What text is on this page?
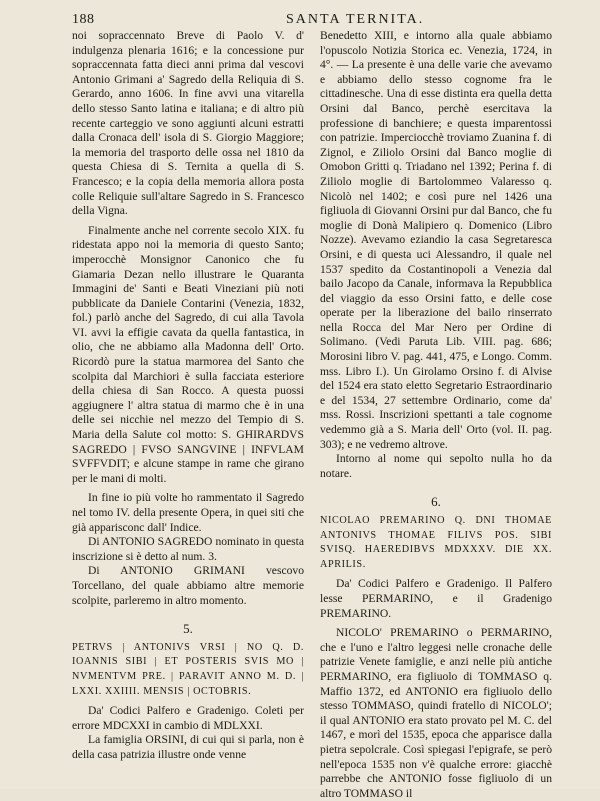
188	SANTA TERNITA.

noi sopraccennato Breve di Paolo V. d' indulgenza plenaria 1616; e la concessione pur sopraccennata fatta dieci anni prima dal vescovi Antonio Grimani a' Sagredo della Reliquia di S. Gerardo, anno 1606. In fine avvi una vitarella dello stesso Santo latina e italiana; e di altro più recente carteggio ve sono aggiunti alcuni estratti dalla Cronaca dell' isola di S. Giorgio Maggiore; la memoria del trasporto delle ossa nel 1810 da questa Chiesa di S. Ternita a quella di S. Francesco; e la copia della memoria allora posta colle Reliquie sull'altare Sagredo in S. Francesco della Vigna.

Finalmente anche nel corrente secolo XIX. fu ridestata appo noi la memoria di questo Santo; imperocchè Monsignor Canonico che fu Giamaria Dezan nello illustrare le Quaranta Immagini de' Santi e Beati Vineziani più noti pubblicate da Daniele Contarini (Venezia, 1832, fol.) parlò anche del Sagredo, di cui alla Tavola VI. avvi la effigie cavata da quella fantastica, in olio, che ne abbiamo alla Madonna dell' Orto. Ricordò pure la statua marmorea del Santo che scolpita dal Marchiori è sulla facciata esteriore della chiesa di San Rocco. A questa puossi aggiugnere l' altra statua di marmo che è in una delle sei nicchie nel mezzo del Tempio di S. Maria della Salute col motto: S. GHIRARDVS SAGREDO | FVSO SANGVINE | INFVLAM SVFFVDIT; e alcune stampe in rame che girano per le mani di molti.

In fine io più volte ho rammentato il Sagredo nel tomo IV. della presente Opera, in quei siti che già apparisconc dall' Indice.

Di ANTONIO SAGREDO nominato in questa inscrizione si è detto al num. 3.

Di ANTONIO GRIMANI vescovo Torcellano, del quale abbiamo altre memorie scolpite, parleremo in altro momento.

5.

PETRVS | ANTONIVS VRSI | NO Q. D. IOANNIS SIBI | ET POSTERIS SVIS MO | NVMENTVM PRE. | PARAVIT ANNO M. D. | LXXI. XXIIII. MENSIS | OCTOBRIS.

Da' Codici Palfero e Gradenigo. Coleti per errore MDCXXI in cambio di MDLXXI.

La famiglia ORSINI, di cui qui si parla, non è della casa patrizia illustre onde venne

Benedetto XIII, e intorno alla quale abbiamo l'opuscolo Notizia Storica ec. Venezia, 1724, in 4°. — La presente è una delle varie che avevamo e abbiamo dello stesso cognome fra le cittadinesche. Una di esse distinta era quella detta Orsini dal Banco, perchè esercitava la professione di banchiere; e questa imparentossi con patrizie. Imperciocchè troviamo Zuanina f. di Zignol, e Ziliolo Orsini dal Banco moglie di Omobon Gritti q. Triadano nel 1392; Perina f. di Ziliolo moglie di Bartolommeo Valaresso q. Nicolò nel 1402; e così pure nel 1426 una figliuola di Giovanni Orsini pur dal Banco, che fu moglie di Donà Malipiero q. Domenico (Libro Nozze). Avevamo eziandio la casa Segretaresca Orsini, e di questa uci Alessandro, il quale nel 1537 spedito da Costantinopoli a Venezia dal bailo Jacopo da Canale, informava la Repubblica del viaggio da esso Orsini fatto, e delle cose operate per la liberazione del bailo rinserrato nella Rocca del Mar Nero per Ordine di Solimano. (Vedi Paruta Lib. VIII. pag. 686; Morosini libro V. pag. 441, 475, e Longo. Comm. mss. Libro I.). Un Girolamo Orsino f. di Alvise del 1524 era stato eletto Segretario Estraordinario e del 1534, 27 settembre Ordinario, come da' mss. Rossi. Inscrizioni spettanti a tale cognome vedemmo già a S. Maria dell' Orto (vol. II. pag. 303); e ne vedremo altrove.

Intorno al nome qui sepolto nulla ho da notare.

6.

NICOLAO PREMARINO Q. DNI THOMAE ANTONIVS THOMAE FILIVS POS. SIBI SVISQ. HAEREDIBVS MDXXXV. DIE XX. APRILIS.

Da' Codici Palfero e Gradenigo. Il Palfero lesse PERMARINO, e il Gradenigo PREMARINO.

NICOLO' PREMARINO o PERMARINO, che e l'uno e l'altro leggesi nelle cronache delle patrizie Venete famiglie, e anzi nelle più antiche PERMARINO, era figliuolo di TOMMASO q. Maffio 1372, ed ANTONIO era figliuolo dello stesso TOMMASO, quindi fratello di NICOLO'; il qual ANTONIO era stato provato pel M. C. del 1467, e morì del 1535, epoca che apparisce dalla pietra sepolcrale. Così spiegasi l'epigrafe, se però nell'epoca 1535 non v'è qualche errore: giacchè parrebbe che ANTONIO fosse figliuolo di un altro TOMMASO il
